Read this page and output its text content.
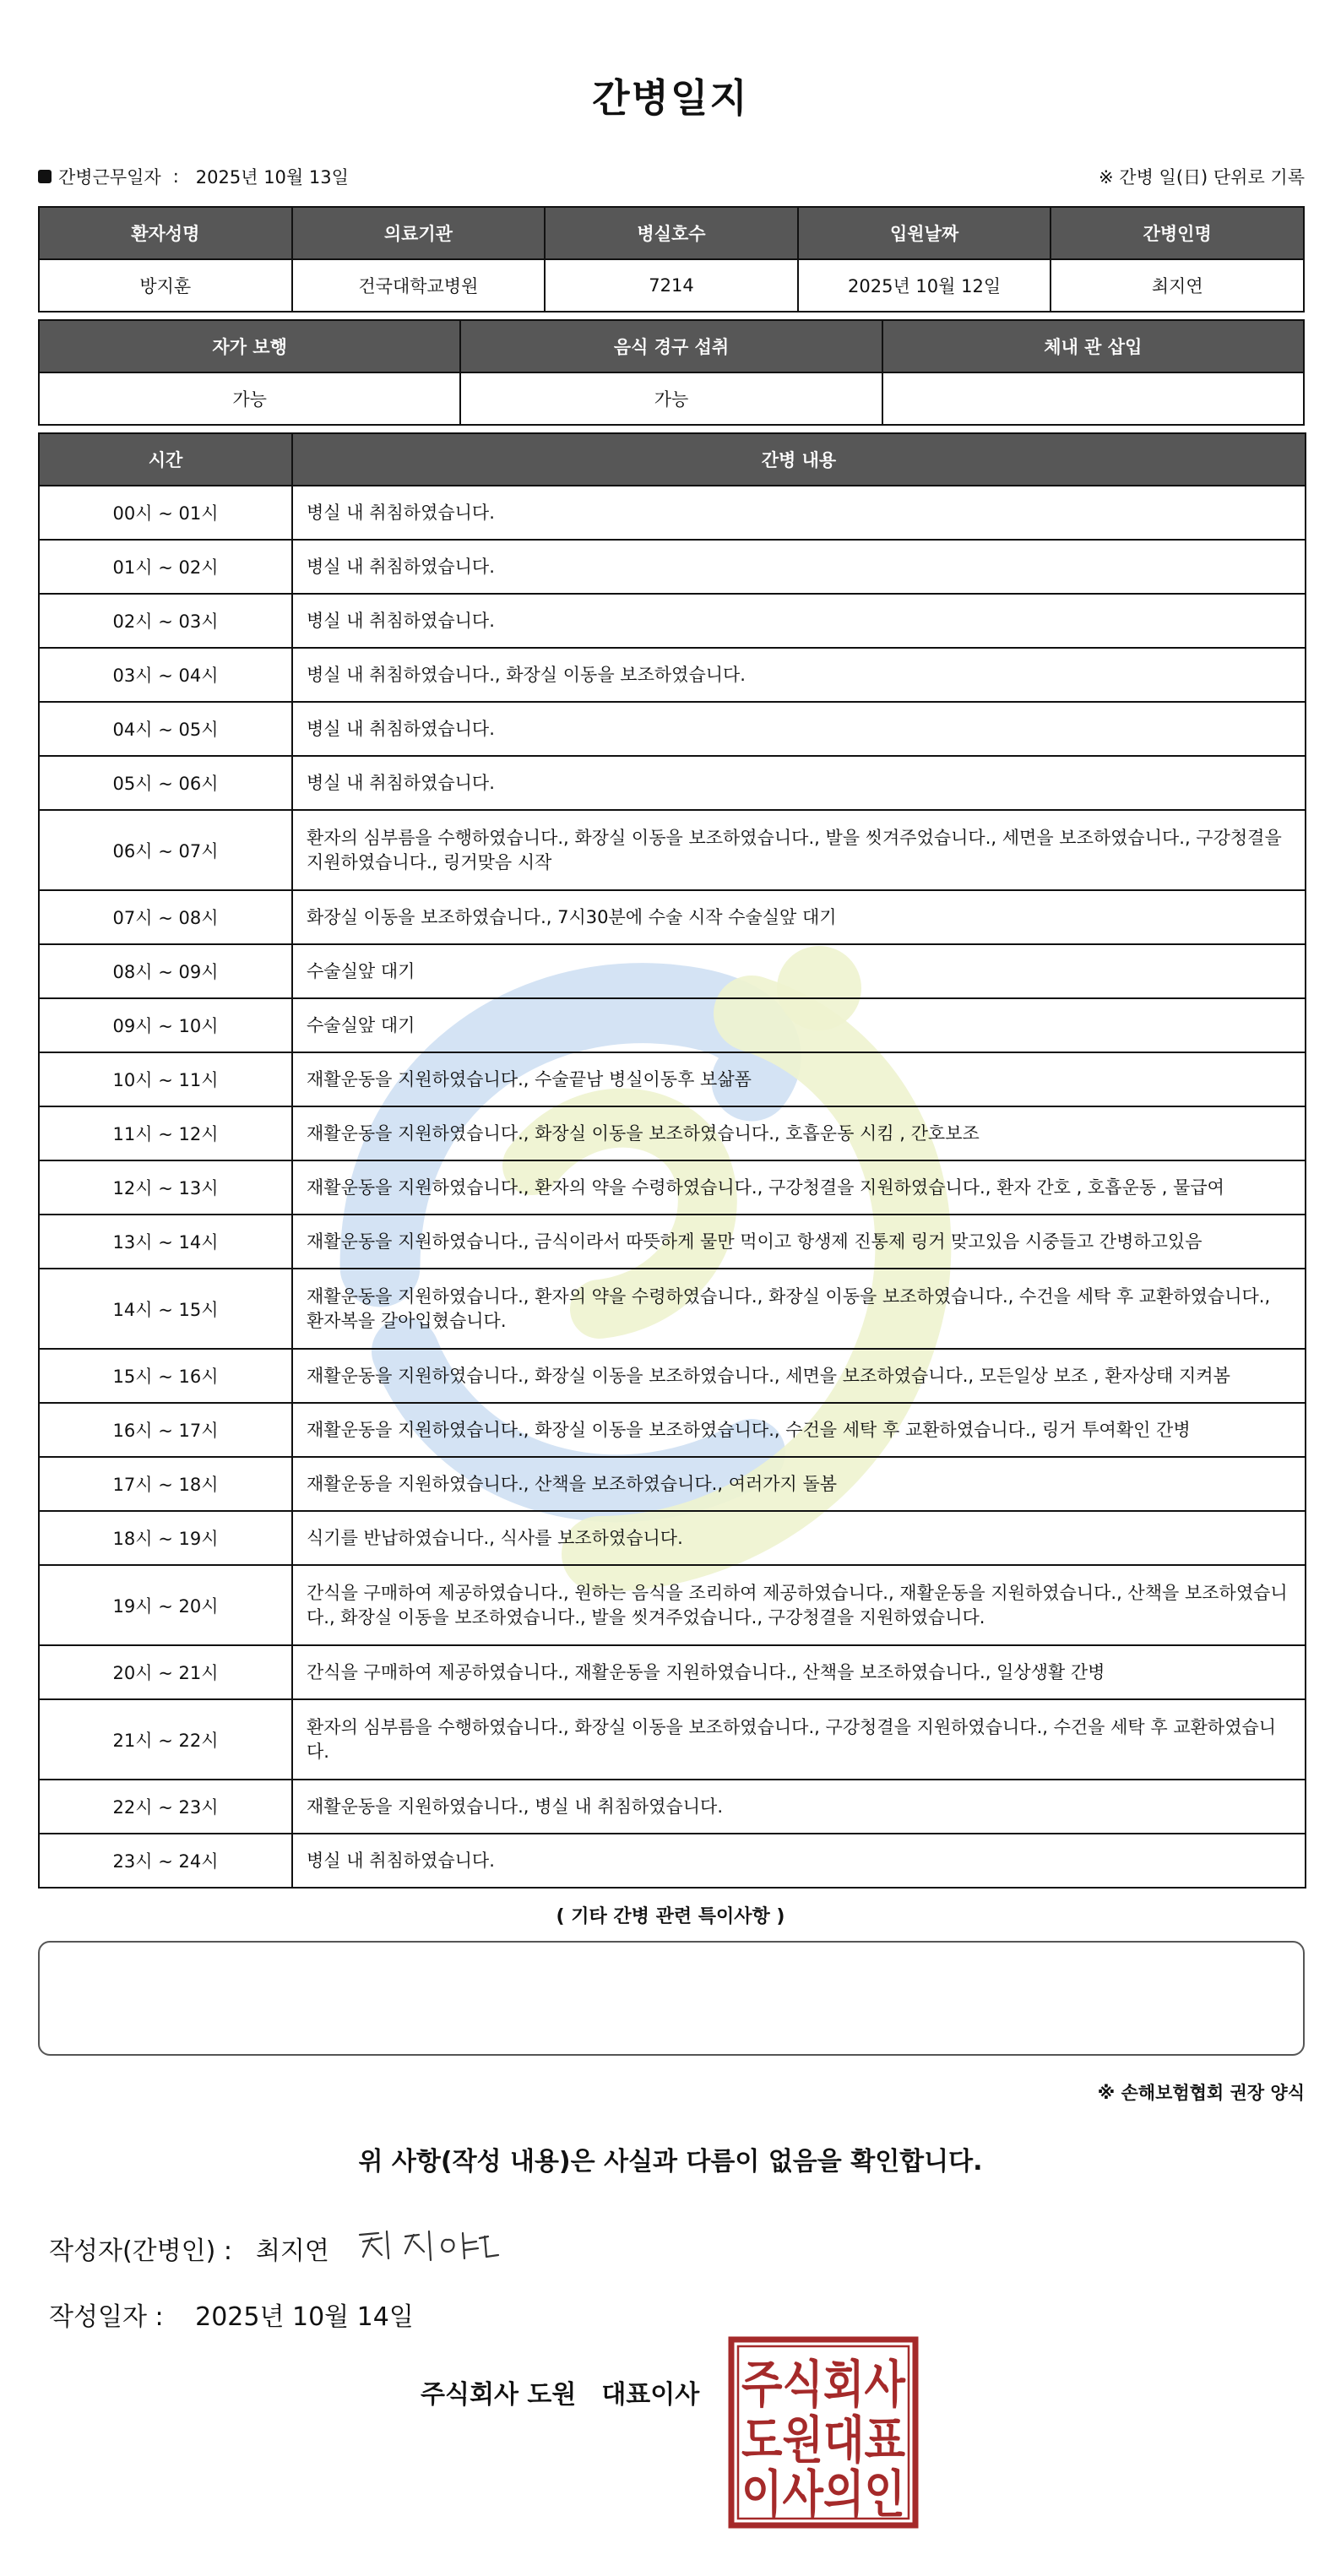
간병일지
간병근무일자 : 2025년 10월 13일	※ 간병 일(日) 단위로 기록
환자성명	의료기관	병실호수	입원날짜	간병인명
방지훈	건국대학교병원	7214	2025년 10월 12일	최지연
자가 보행	음식 경구 섭취	체내 관 삽입
가능	가능	
시간	간병 내용
00시 ~ 01시	병실 내 취침하였습니다.
01시 ~ 02시	병실 내 취침하였습니다.
02시 ~ 03시	병실 내 취침하였습니다.
03시 ~ 04시	병실 내 취침하였습니다., 화장실 이동을 보조하였습니다.
04시 ~ 05시	병실 내 취침하였습니다.
05시 ~ 06시	병실 내 취침하였습니다.
06시 ~ 07시	환자의 심부름을 수행하였습니다., 화장실 이동을 보조하였습니다., 발을 씻겨주었습니다., 세면을 보조하였습니다., 구강청결을 지원하였습니다., 링거맞음 시작
07시 ~ 08시	화장실 이동을 보조하였습니다., 7시30분에 수술 시작 수술실앞 대기
08시 ~ 09시	수술실앞 대기
09시 ~ 10시	수술실앞 대기
10시 ~ 11시	재활운동을 지원하였습니다., 수술끝남 병실이동후 보삶폼
11시 ~ 12시	재활운동을 지원하였습니다., 화장실 이동을 보조하였습니다., 호흡운동 시킴 , 간호보조
12시 ~ 13시	재활운동을 지원하였습니다., 환자의 약을 수령하였습니다., 구강청결을 지원하였습니다., 환자 간호 , 호흡운동 , 물급여
13시 ~ 14시	재활운동을 지원하였습니다., 금식이라서 따뜻하게 물만 먹이고 항생제 진통제 링거 맞고있음 시중들고 간병하고있음
14시 ~ 15시	재활운동을 지원하였습니다., 환자의 약을 수령하였습니다., 화장실 이동을 보조하였습니다., 수건을 세탁 후 교환하였습니다., 환자복을 갈아입혔습니다.
15시 ~ 16시	재활운동을 지원하였습니다., 화장실 이동을 보조하였습니다., 세면을 보조하였습니다., 모든일상 보조 , 환자상태 지켜봄
16시 ~ 17시	재활운동을 지원하였습니다., 화장실 이동을 보조하였습니다., 수건을 세탁 후 교환하였습니다., 링거 투여확인 간병
17시 ~ 18시	재활운동을 지원하였습니다., 산책을 보조하였습니다., 여러가지 돌봄
18시 ~ 19시	식기를 반납하였습니다., 식사를 보조하였습니다.
19시 ~ 20시	간식을 구매하여 제공하였습니다., 원하는 음식을 조리하여 제공하였습니다., 재활운동을 지원하였습니다., 산책을 보조하였습니다., 화장실 이동을 보조하였습니다., 발을 씻겨주었습니다., 구강청결을 지원하였습니다.
20시 ~ 21시	간식을 구매하여 제공하였습니다., 재활운동을 지원하였습니다., 산책을 보조하였습니다., 일상생활 간병
21시 ~ 22시	환자의 심부름을 수행하였습니다., 화장실 이동을 보조하였습니다., 구강청결을 지원하였습니다., 수건을 세탁 후 교환하였습니다.
22시 ~ 23시	재활운동을 지원하였습니다., 병실 내 취침하였습니다.
23시 ~ 24시	병실 내 취침하였습니다.
( 기타 간병 관련 특이사항 )
※ 손해보험협회 권장 양식
위 사항(작성 내용)은 사실과 다름이 없음을 확인합니다.
작성자(간병인) : 최지연
작성일자 : 2025년 10월 14일
주식회사 도원 대표이사 주식회사
도원대표
이사의인
